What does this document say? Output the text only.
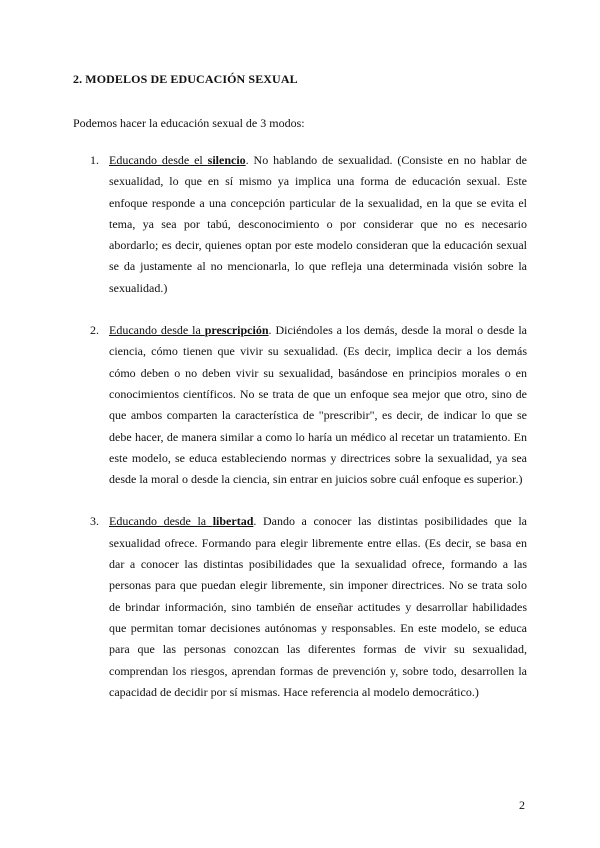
2. MODELOS DE EDUCACIÓN SEXUAL

Podemos hacer la educación sexual de 3 modos:

1. Educando desde el silencio. No hablando de sexualidad. (Consiste en no hablar de sexualidad, lo que en sí mismo ya implica una forma de educación sexual. Este enfoque responde a una concepción particular de la sexualidad, en la que se evita el tema, ya sea por tabú, desconocimiento o por considerar que no es necesario abordarlo; es decir, quienes optan por este modelo consideran que la educación sexual se da justamente al no mencionarla, lo que refleja una determinada visión sobre la sexualidad.)
2. Educando desde la prescripción. Diciéndoles a los demás, desde la moral o desde la ciencia, cómo tienen que vivir su sexualidad. (Es decir, implica decir a los demás cómo deben o no deben vivir su sexualidad, basándose en principios morales o en conocimientos científicos. No se trata de que un enfoque sea mejor que otro, sino de que ambos comparten la característica de "prescribir", es decir, de indicar lo que se debe hacer, de manera similar a como lo haría un médico al recetar un tratamiento. En este modelo, se educa estableciendo normas y directrices sobre la sexualidad, ya sea desde la moral o desde la ciencia, sin entrar en juicios sobre cuál enfoque es superior.)
3. Educando desde la libertad. Dando a conocer las distintas posibilidades que la sexualidad ofrece. Formando para elegir libremente entre ellas. (Es decir, se basa en dar a conocer las distintas posibilidades que la sexualidad ofrece, formando a las personas para que puedan elegir libremente, sin imponer directrices. No se trata solo de brindar información, sino también de enseñar actitudes y desarrollar habilidades que permitan tomar decisiones autónomas y responsables. En este modelo, se educa para que las personas conozcan las diferentes formas de vivir su sexualidad, comprendan los riesgos, aprendan formas de prevención y, sobre todo, desarrollen la capacidad de decidir por sí mismas. Hace referencia al modelo democrático.)

2
